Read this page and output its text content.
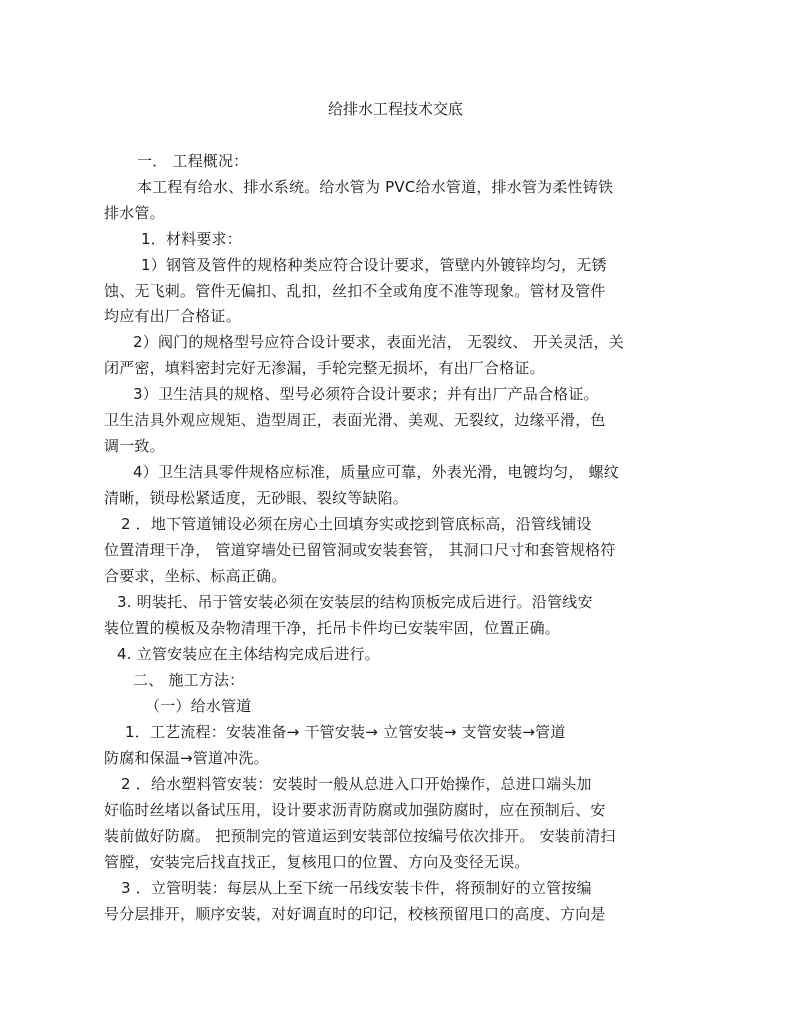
给排水工程技术交底
一． 工程概况：
本工程有给水、排水系统。给水管为 PVC给水管道，排水管为柔性铸铁
排水管。
1．材料要求：
1）钢管及管件的规格种类应符合设计要求，管壁内外镀锌均匀，无锈
蚀、无飞刺。管件无偏扣、乱扣，丝扣不全或角度不准等现象。管材及管件
均应有出厂合格证。
2）阀门的规格型号应符合设计要求，表面光洁， 无裂纹、 开关灵活，关
闭严密，填料密封完好无渗漏，手轮完整无损坏，有出厂合格证。
3）卫生洁具的规格、型号必须符合设计要求；并有出厂产品合格证。
卫生洁具外观应规矩、造型周正，表面光滑、美观、无裂纹，边缘平滑，色
调一致。
4）卫生洁具零件规格应标准，质量应可靠，外表光滑，电镀均匀， 螺纹
清晰，锁母松紧适度，无砂眼、裂纹等缺陷。
2 ．地下管道铺设必须在房心土回填夯实或挖到管底标高，沿管线铺设
位置清理干净， 管道穿墙处已留管洞或安装套管， 其洞口尺寸和套管规格符
合要求，坐标、标高正确。
3. 明装托、吊于管安装必须在安装层的结构顶板完成后进行。沿管线安
装位置的模板及杂物清理干净，托吊卡件均已安装牢固，位置正确。
4. 立管安装应在主体结构完成后进行。
二、 施工方法：
（一）给水管道
1．工艺流程：安装准备→ 干管安装→ 立管安装→ 支管安装→管道
防腐和保温→管道冲洗。
2 ．给水塑料管安装：安装时一般从总进入口开始操作，总进口端头加
好临时丝堵以备试压用，设计要求沥青防腐或加强防腐时，应在预制后、安
装前做好防腐。 把预制完的管道运到安装部位按编号依次排开。 安装前清扫
管膛，安装完后找直找正，复核甩口的位置、方向及变径无误。
3 ．立管明装：每层从上至下统一吊线安装卡件，将预制好的立管按编
号分层排开，顺序安装，对好调直时的印记，校核预留甩口的高度、方向是
